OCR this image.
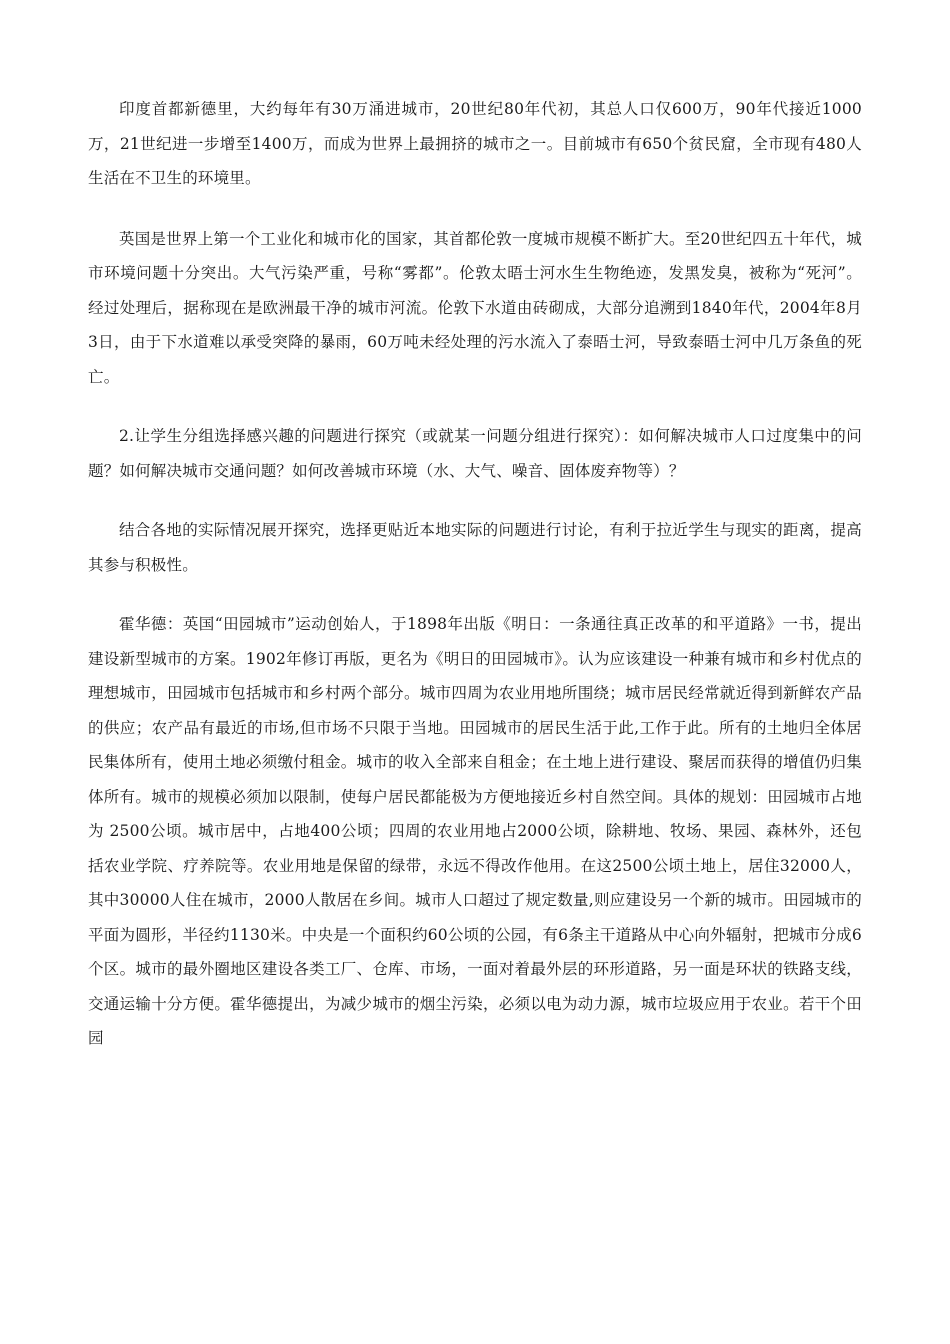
印度首都新德里，大约每年有30万涌进城市，20世纪80年代初，其总人口仅600万，90年代接近1000万，21世纪进一步增至1400万，而成为世界上最拥挤的城市之一。目前城市有650个贫民窟，全市现有480人生活在不卫生的环境里。

英国是世界上第一个工业化和城市化的国家，其首都伦敦一度城市规模不断扩大。至20世纪四五十年代，城市环境问题十分突出。大气污染严重，号称“雾都”。伦敦太晤士河水生生物绝迹，发黑发臭，被称为“死河”。 经过处理后，据称现在是欧洲最干净的城市河流。伦敦下水道由砖砌成，大部分追溯到1840年代，2004年8月3日，由于下水道难以承受突降的暴雨，60万吨未经处理的污水流入了泰晤士河，导致泰晤士河中几万条鱼的死亡。

2.让学生分组选择感兴趣的问题进行探究（或就某一问题分组进行探究）：如何解决城市人口过度集中的问题？如何解决城市交通问题？如何改善城市环境（水、大气、噪音、固体废弃物等）？

结合各地的实际情况展开探究，选择更贴近本地实际的问题进行讨论，有利于拉近学生与现实的距离，提高其参与积极性。

霍华德：英国“田园城市”运动创始人，于1898年出版《明日：一条通往真正改革的和平道路》一书，提出建设新型城市的方案。1902年修订再版，更名为《明日的田园城市》。认为应该建设一种兼有城市和乡村优点的理想城市，田园城市包括城市和乡村两个部分。城市四周为农业用地所围绕；城市居民经常就近得到新鲜农产品的供应；农产品有最近的市场,但市场不只限于当地。田园城市的居民生活于此,工作于此。所有的土地归全体居民集体所有，使用土地必须缴付租金。城市的收入全部来自租金；在土地上进行建设、聚居而获得的增值仍归集体所有。城市的规模必须加以限制，使每户居民都能极为方便地接近乡村自然空间。具体的规划：田园城市占地为 2500公顷。城市居中，占地400公顷；四周的农业用地占2000公顷，除耕地、牧场、果园、森林外，还包括农业学院、疗养院等。农业用地是保留的绿带，永远不得改作他用。在这2500公顷土地上，居住32000人，其中30000人住在城市，2000人散居在乡间。城市人口超过了规定数量,则应建设另一个新的城市。田园城市的平面为圆形，半径约1130米。中央是一个面积约60公顷的公园，有6条主干道路从中心向外辐射，把城市分成6 个区。城市的最外圈地区建设各类工厂、仓库、市场，一面对着最外层的环形道路，另一面是环状的铁路支线，交通运输十分方便。霍华德提出，为减少城市的烟尘污染，必须以电为动力源，城市垃圾应用于农业。若干个田园
